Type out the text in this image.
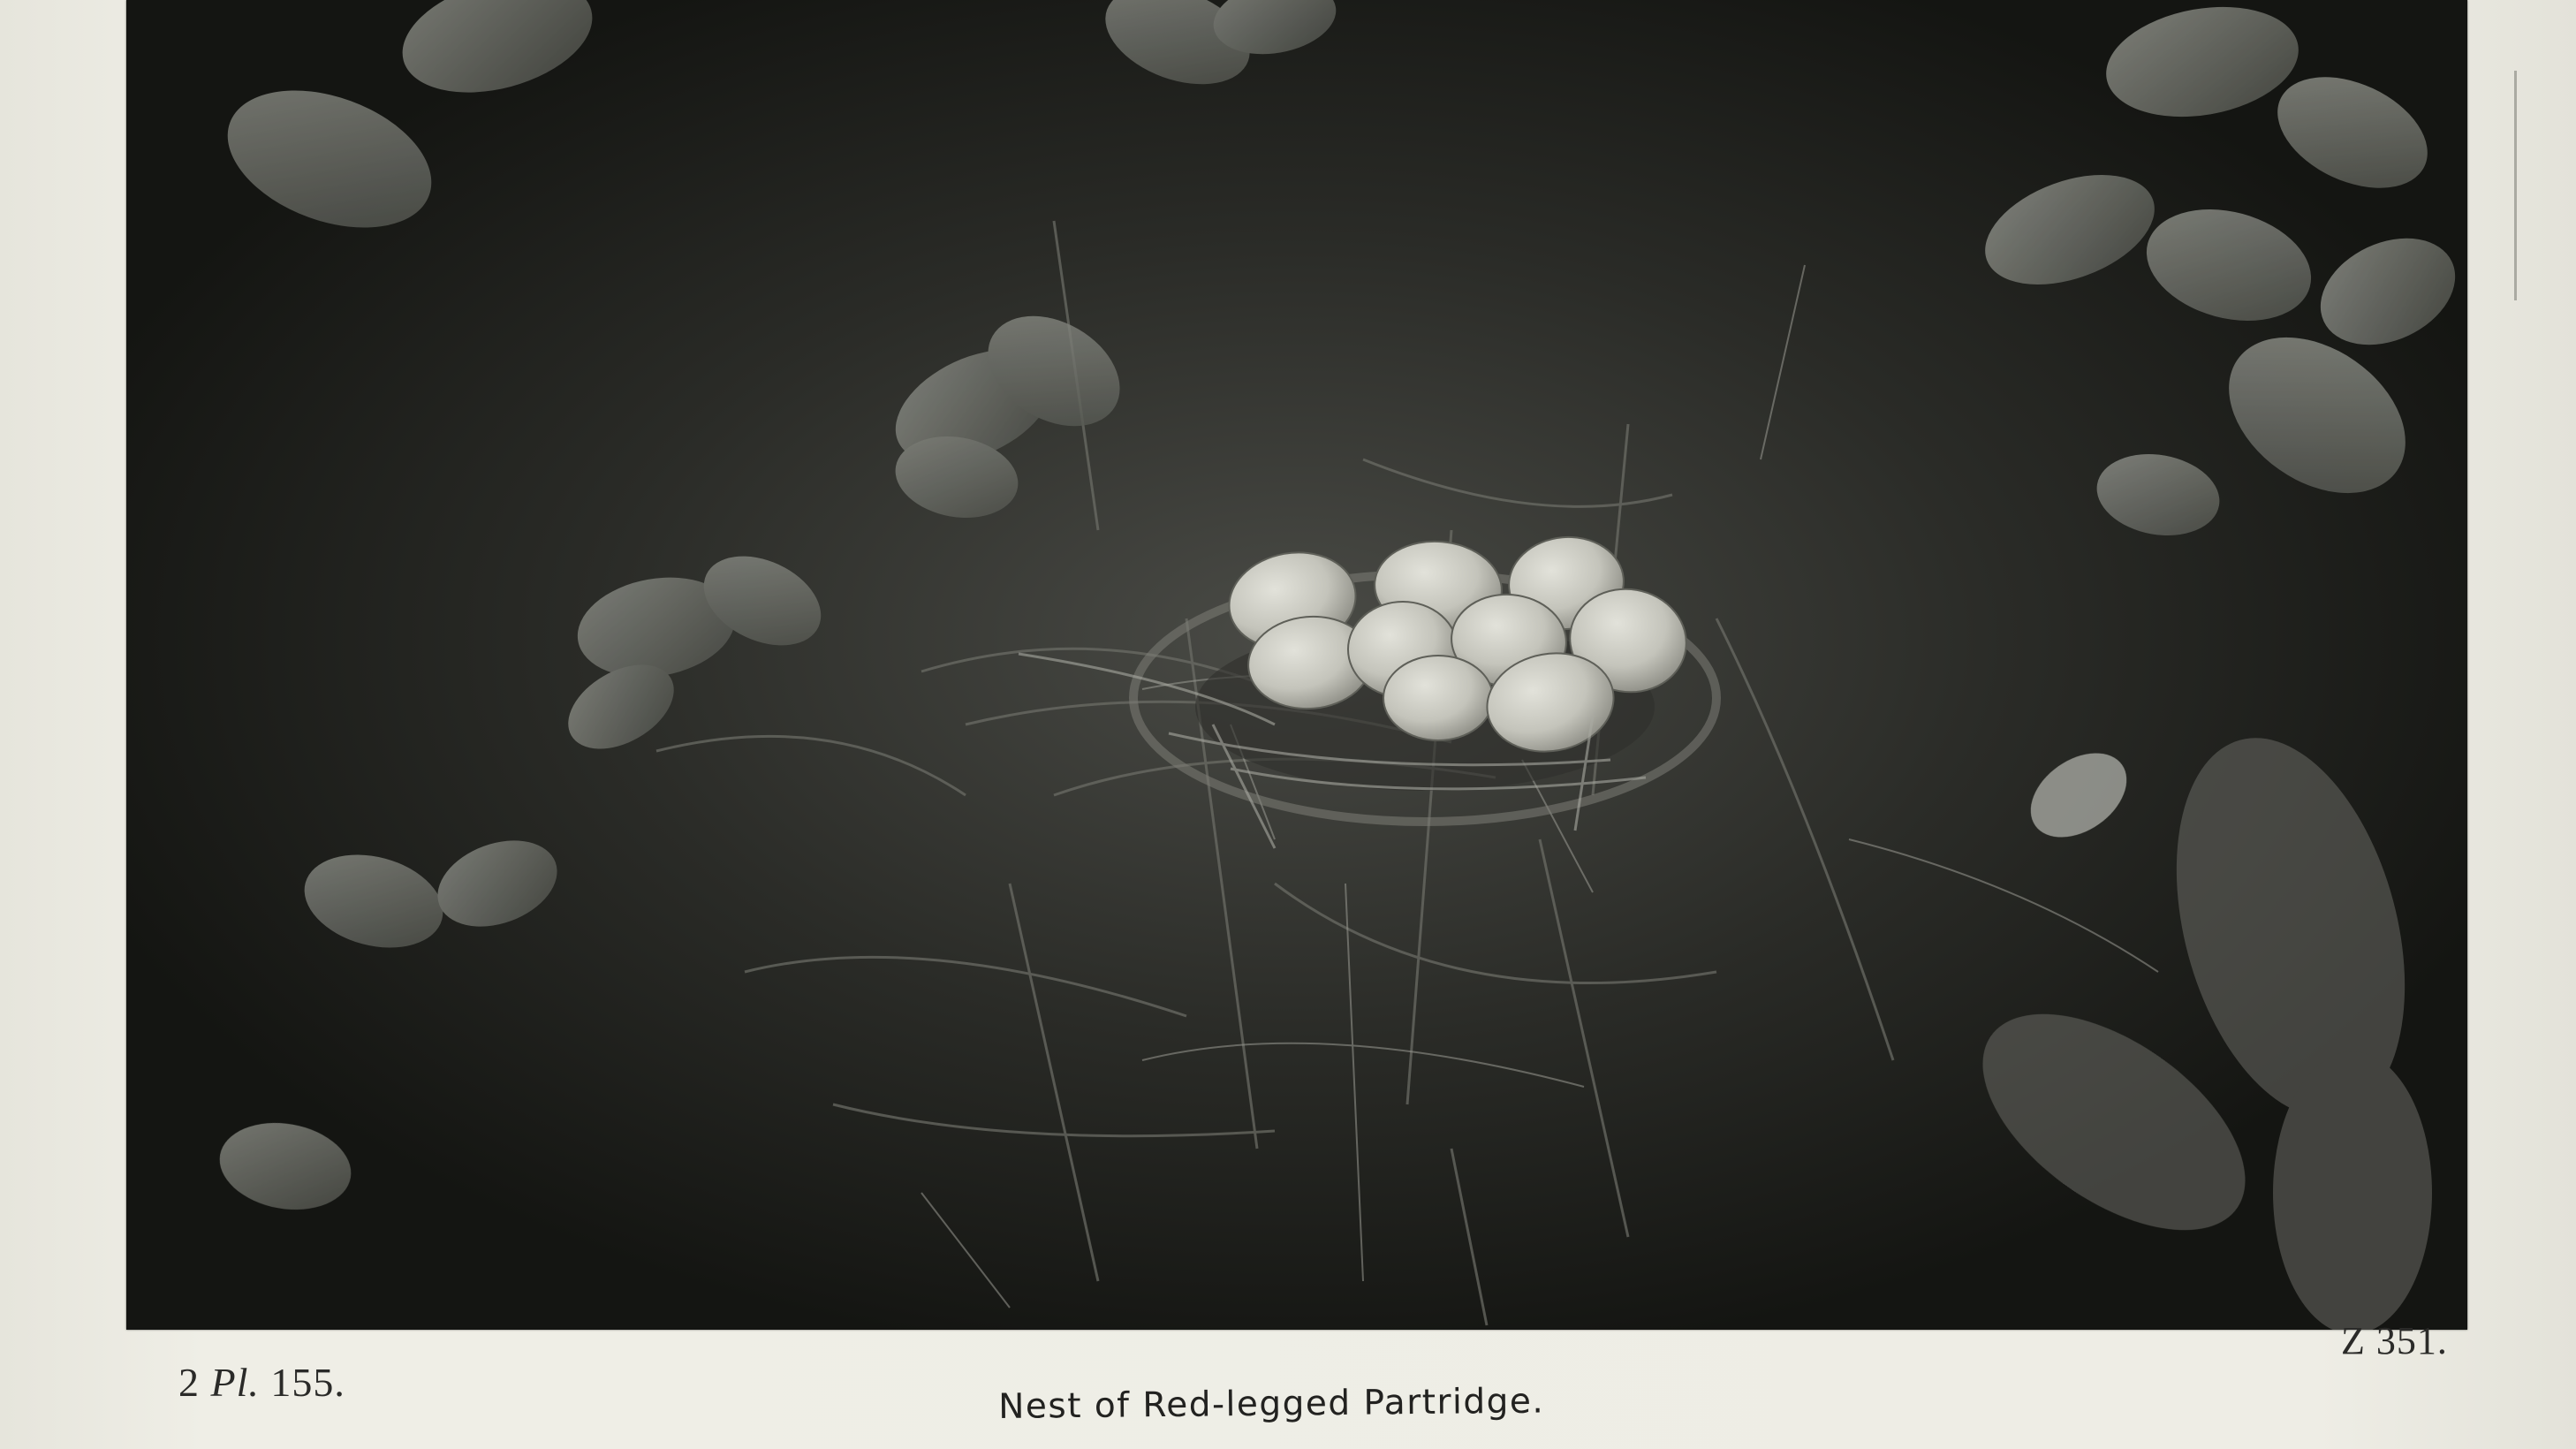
2 Pl. 155.	Nest of Red-legged Partridge.
Z 351.
